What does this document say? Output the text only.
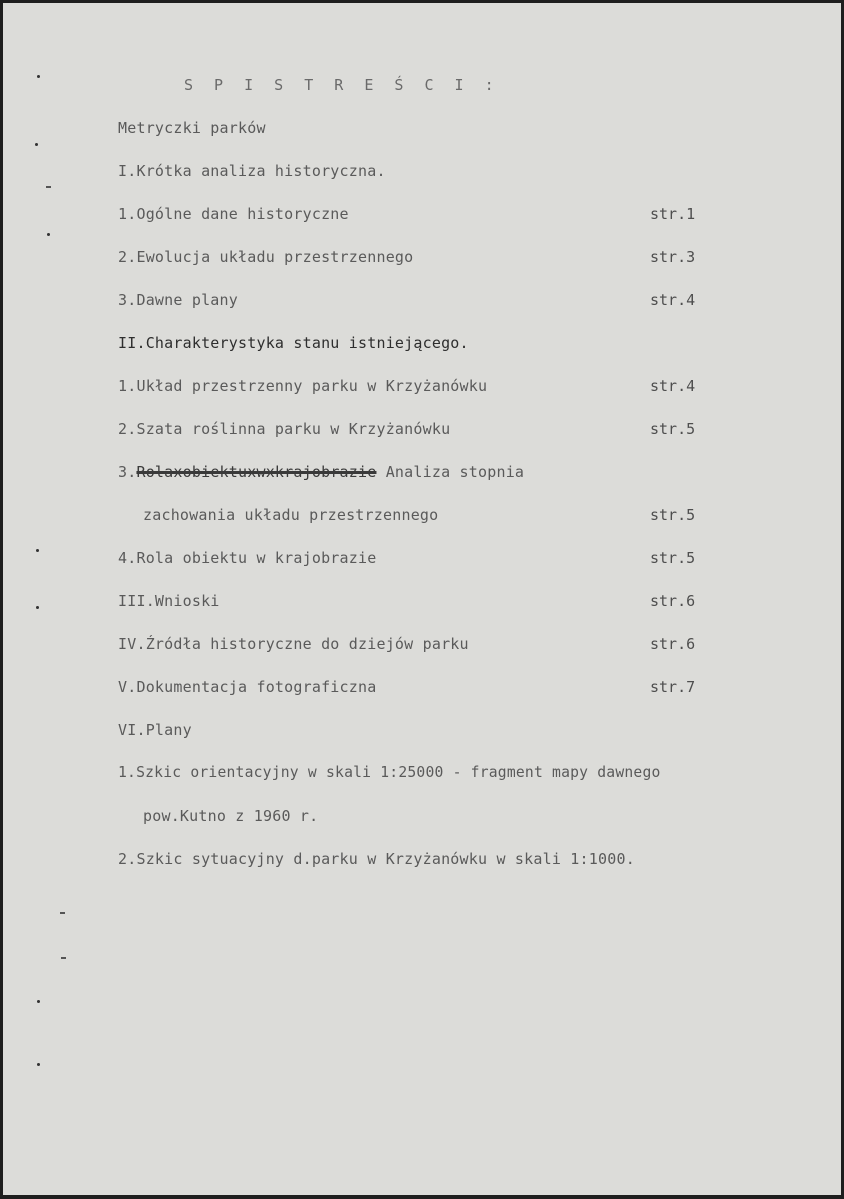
S P I S T R E Ś C I :
Metryczki parków
I.Krótka analiza historyczna.
1.Ogólne dane historyczne	str.1
2.Ewolucja układu przestrzennego	str.3
3.Dawne plany	str.4
II.Charakterystyka stanu istniejącego.
1.Układ przestrzenny parku w Krzyżanówku	str.4
2.Szata roślinna parku w Krzyżanówku	str.5
3.Rolaxobiektuxwxkrajobrazie Analiza stopnia
zachowania układu przestrzennego	str.5
4.Rola obiektu w krajobrazie	str.5
III.Wnioski	str.6
IV.Źródła historyczne do dziejów parku	str.6
V.Dokumentacja fotograficzna	str.7
VI.Plany
1.Szkic orientacyjny w skali 1:25000 - fragment mapy dawnego
pow.Kutno z 1960 r.
2.Szkic sytuacyjny d.parku w Krzyżanówku w skali 1:1000.
